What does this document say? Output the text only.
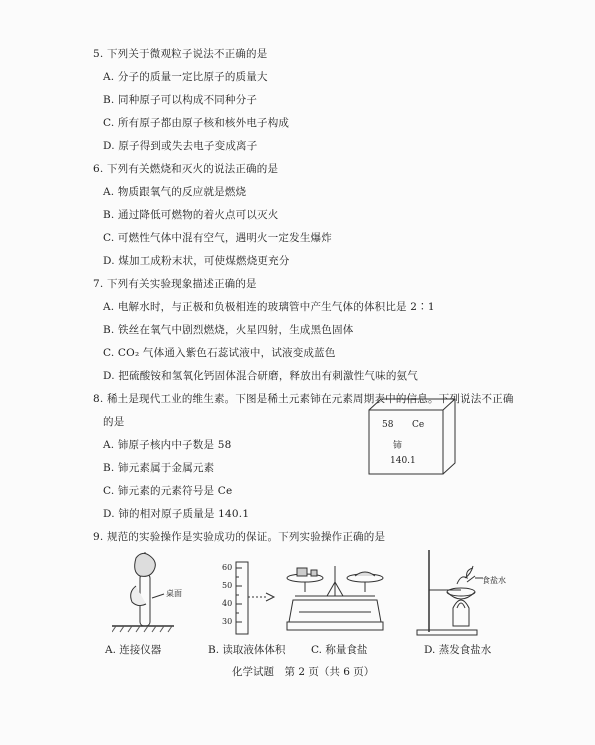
5. 下列关于微观粒子说法不正确的是
A. 分子的质量一定比原子的质量大
B. 同种原子可以构成不同种分子
C. 所有原子都由原子核和核外电子构成
D. 原子得到或失去电子变成离子
6. 下列有关燃烧和灭火的说法正确的是
A. 物质跟氧气的反应就是燃烧
B. 通过降低可燃物的着火点可以灭火
C. 可燃性气体中混有空气，遇明火一定发生爆炸
D. 煤加工成粉末状，可使煤燃烧更充分
7. 下列有关实验现象描述正确的是
A. 电解水时，与正极和负极相连的玻璃管中产生气体的体积比是 2∶1
B. 铁丝在氧气中剧烈燃烧，火星四射，生成黑色固体
C. CO₂ 气体通入紫色石蕊试液中，试液变成蓝色
D. 把硫酸铵和氢氧化钙固体混合研磨，释放出有刺激性气味的氨气
8. 稀土是现代工业的维生素。下图是稀土元素铈在元素周期表中的信息。下列说法不正确
的是
A. 铈原子核内中子数是 58
B. 铈元素属于金属元素
C. 铈元素的元素符号是 Ce
D. 铈的相对原子质量是 140.1
58 Ce
铈
140.1
9. 规范的实验操作是实验成功的保证。下列实验操作正确的是
桌面
A. 连接仪器
60
50
40
30
B. 读取液体体积 C. 称量食盐
食盐水
D. 蒸发食盐水
化学试题　第 2 页（共 6 页）
